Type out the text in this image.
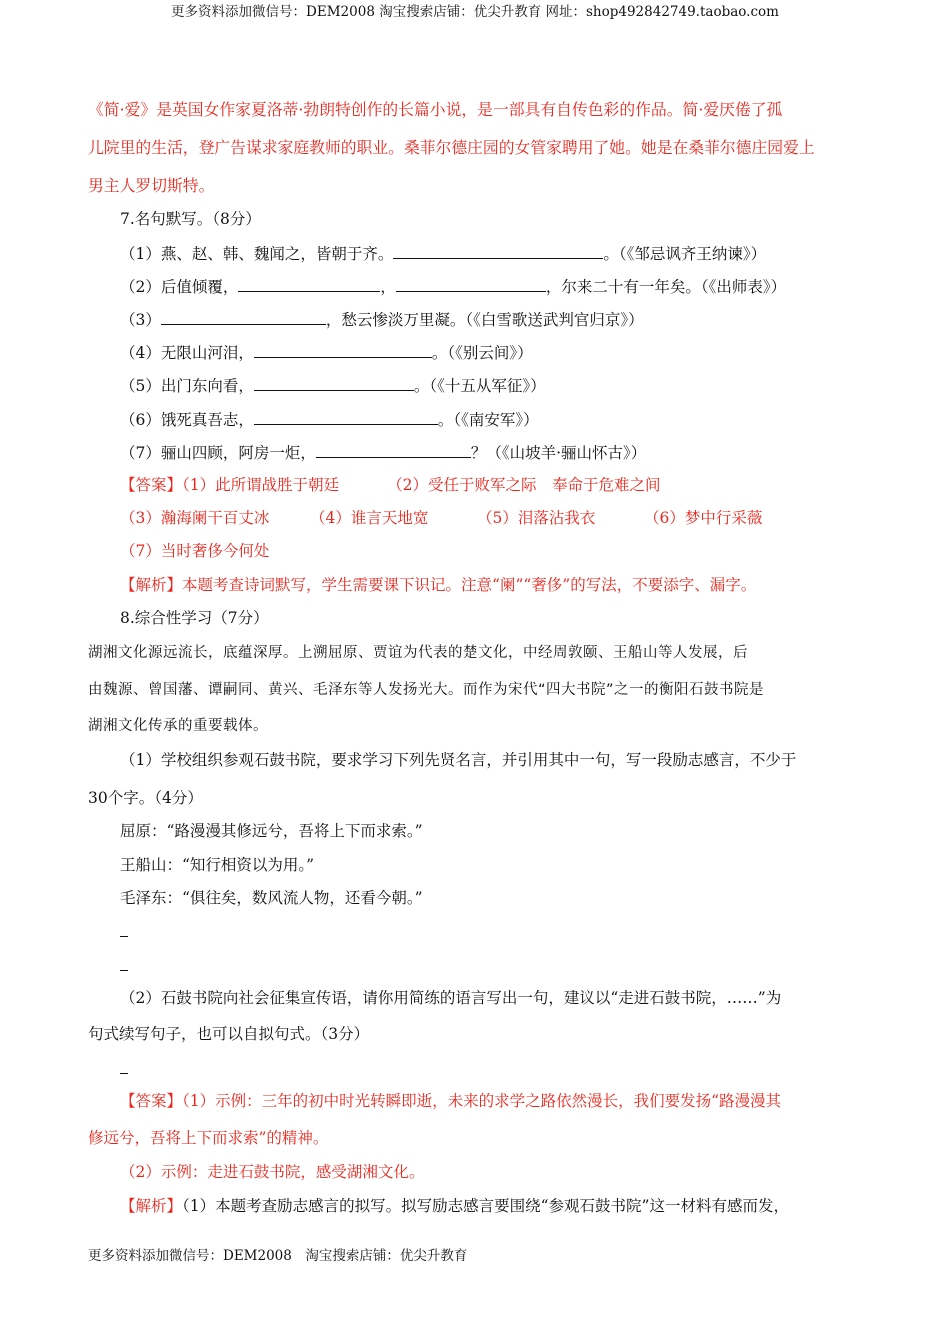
更多资料添加微信号：DEM2008 淘宝搜索店铺：优尖升教育 网址：shop492842749.taobao.com
《简·爱》是英国女作家夏洛蒂·勃朗特创作的长篇小说，是一部具有自传色彩的作品。简·爱厌倦了孤
儿院里的生活，登广告谋求家庭教师的职业。桑菲尔德庄园的女管家聘用了她。她是在桑菲尔德庄园爱上
男主人罗切斯特。
7.名句默写。（8分）
（1）燕、赵、韩、魏闻之，皆朝于齐。	。（《邹忌讽齐王纳谏》）
（2）后值倾覆，	，	，尔来二十有一年矣。（《出师表》）
（3）	，愁云惨淡万里凝。（《白雪歌送武判官归京》）
（4）无限山河泪，	。（《别云间》）
（5）出门东向看，	。（《十五从军征》）
（6）饿死真吾志，	。（《南安军》）
（7）骊山四顾，阿房一炬，	？（《山坡羊·骊山怀古》）
【答案】（1）此所谓战胜于朝廷	（2）受任于败军之际　奉命于危难之间
（3）瀚海阑干百丈冰	（4）谁言天地宽	（5）泪落沾我衣	（6）梦中行采薇
（7）当时奢侈今何处
【解析】本题考查诗词默写，学生需要课下识记。注意“阑”“奢侈”的写法，不要添字、漏字。
8.综合性学习（7分）
湖湘文化源远流长，底蕴深厚。上溯屈原、贾谊为代表的楚文化，中经周敦颐、王船山等人发展，后
由魏源、曾国藩、谭嗣同、黄兴、毛泽东等人发扬光大。而作为宋代“四大书院”之一的衡阳石鼓书院是
湖湘文化传承的重要载体。
（1）学校组织参观石鼓书院，要求学习下列先贤名言，并引用其中一句，写一段励志感言，不少于
30个字。（4分）
屈原：“路漫漫其修远兮，吾将上下而求索。”
王船山：“知行相资以为用。”
毛泽东：“俱往矣，数风流人物，还看今朝。”
（2）石鼓书院向社会征集宣传语，请你用简练的语言写出一句，建议以“走进石鼓书院，……”为
句式续写句子，也可以自拟句式。（3分）
【答案】（1）示例：三年的初中时光转瞬即逝，未来的求学之路依然漫长，我们要发扬“路漫漫其
修远兮，吾将上下而求索”的精神。
（2）示例：走进石鼓书院，感受湖湘文化。
【解析】（1）本题考查励志感言的拟写。拟写励志感言要围绕“参观石鼓书院”这一材料有感而发，
更多资料添加微信号：DEM2008　淘宝搜索店铺：优尖升教育
